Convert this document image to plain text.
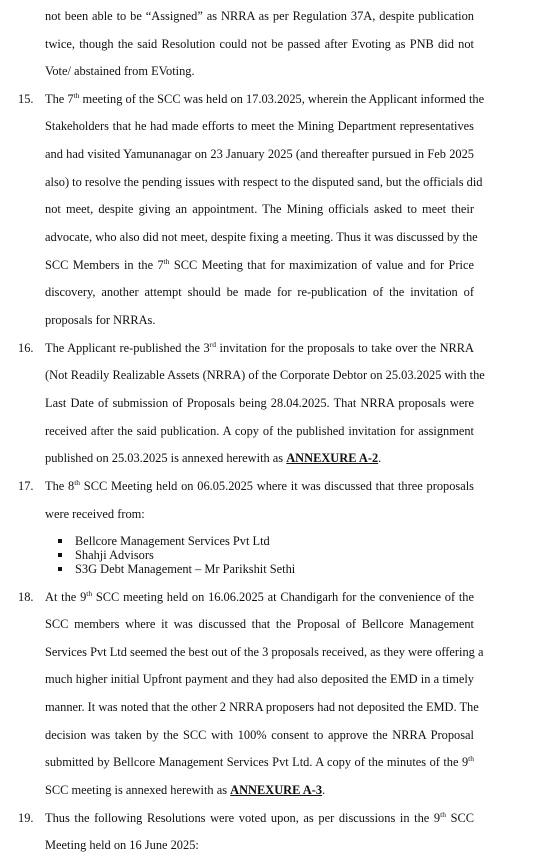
not been able to be “Assigned” as NRRA as per Regulation 37A, despite publication
twice, though the said Resolution could not be passed after Evoting as PNB did not
Vote/ abstained from EVoting.
15. The 7th meeting of the SCC was held on 17.03.2025, wherein the Applicant informed the
Stakeholders that he had made efforts to meet the Mining Department representatives
and had visited Yamunanagar on 23 January 2025 (and thereafter pursued in Feb 2025
also) to resolve the pending issues with respect to the disputed sand, but the officials did
not meet, despite giving an appointment. The Mining officials asked to meet their
advocate, who also did not meet, despite fixing a meeting. Thus it was discussed by the
SCC Members in the 7th SCC Meeting that for maximization of value and for Price
discovery, another attempt should be made for re-publication of the invitation of
proposals for NRRAs.
16. The Applicant re-published the 3rd invitation for the proposals to take over the NRRA
(Not Readily Realizable Assets (NRRA) of the Corporate Debtor on 25.03.2025 with the
Last Date of submission of Proposals being 28.04.2025. That NRRA proposals were
received after the said publication. A copy of the published invitation for assignment
published on 25.03.2025 is annexed herewith as ANNEXURE A-2.
17. The 8th SCC Meeting held on 06.05.2025 where it was discussed that three proposals
were received from:
Bellcore Management Services Pvt Ltd
Shahji Advisors
S3G Debt Management – Mr Parikshit Sethi
18. At the 9th SCC meeting held on 16.06.2025 at Chandigarh for the convenience of the
SCC members where it was discussed that the Proposal of Bellcore Management
Services Pvt Ltd seemed the best out of the 3 proposals received, as they were offering a
much higher initial Upfront payment and they had also deposited the EMD in a timely
manner. It was noted that the other 2 NRRA proposers had not deposited the EMD. The
decision was taken by the SCC with 100% consent to approve the NRRA Proposal
submitted by Bellcore Management Services Pvt Ltd. A copy of the minutes of the 9th
SCC meeting is annexed herewith as ANNEXURE A-3.
19. Thus the following Resolutions were voted upon, as per discussions in the 9th SCC
Meeting held on 16 June 2025:
